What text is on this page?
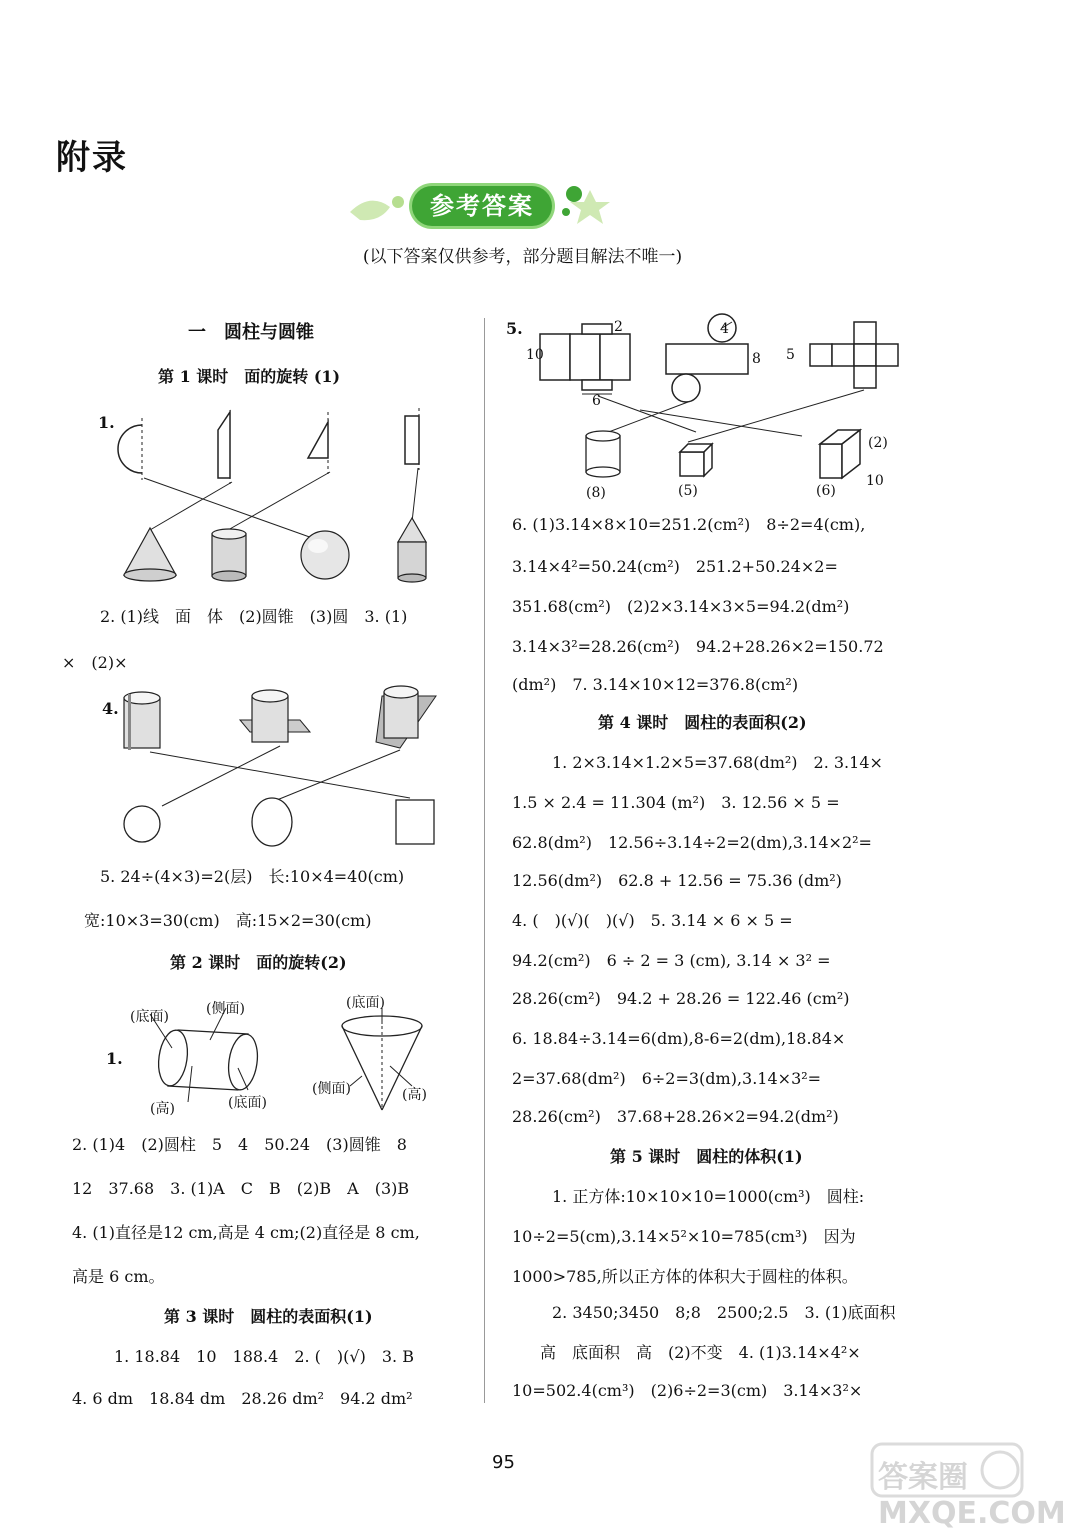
附录
参考答案
(以下答案仅供参考，部分题目解法不唯一)
一　圆柱与圆锥
第 1 课时　面的旋转 (1)
1.
2. (1)线　面　体　(2)圆锥　(3)圆　3. (1)
×　(2)×
4.
5. 24÷(4×3)=2(层)　长:10×4=40(cm)
宽:10×3=30(cm)　高:15×2=30(cm)
第 2 课时　面的旋转(2)
1.
(底面)	(侧面)
(高)	(底面)
(底面)
(侧面)	(高)
2. (1)4　(2)圆柱　5　4　50.24　(3)圆锥　8
12　37.68　3. (1)A　C　B　(2)B　A　(3)B
4. (1)直径是12 cm,高是 4 cm;(2)直径是 8 cm,
高是 6 cm。
第 3 课时　圆柱的表面积(1)
1. 18.84　10　188.4　2. (　)(√)　3. B
4. 6 dm　18.84 dm　28.26 dm²　94.2 dm²
5.
10
2
6
4
8 5
(8)	(5)	(6)
(2)
10
6. (1)3.14×8×10=251.2(cm²)　8÷2=4(cm),
3.14×4²=50.24(cm²)　251.2+50.24×2=
351.68(cm²)　(2)2×3.14×3×5=94.2(dm²)
3.14×3²=28.26(cm²)　94.2+28.26×2=150.72
(dm²)　7. 3.14×10×12=376.8(cm²)
第 4 课时　圆柱的表面积(2)
1. 2×3.14×1.2×5=37.68(dm²)　2. 3.14×
1.5 × 2.4 = 11.304 (m²)　3. 12.56 × 5 =
62.8(dm²)　12.56÷3.14÷2=2(dm),3.14×2²=
12.56(dm²)　62.8 + 12.56 = 75.36 (dm²)
4. (　)(√)(　)(√)　5. 3.14 × 6 × 5 =
94.2(cm²)　6 ÷ 2 = 3 (cm), 3.14 × 3² =
28.26(cm²)　94.2 + 28.26 = 122.46 (cm²)
6. 18.84÷3.14=6(dm),8-6=2(dm),18.84×
2=37.68(dm²)　6÷2=3(dm),3.14×3²=
28.26(cm²)　37.68+28.26×2=94.2(dm²)
第 5 课时　圆柱的体积(1)
1. 正方体:10×10×10=1000(cm³)　圆柱:
10÷2=5(cm),3.14×5²×10=785(cm³)　因为
1000>785,所以正方体的体积大于圆柱的体积。
2. 3450;3450　8;8　2500;2.5　3. (1)底面积
高　底面积　高　(2)不变　4. (1)3.14×4²×
10=502.4(cm³)　(2)6÷2=3(cm)　3.14×3²×
95	答案圈 MXQE.COM
